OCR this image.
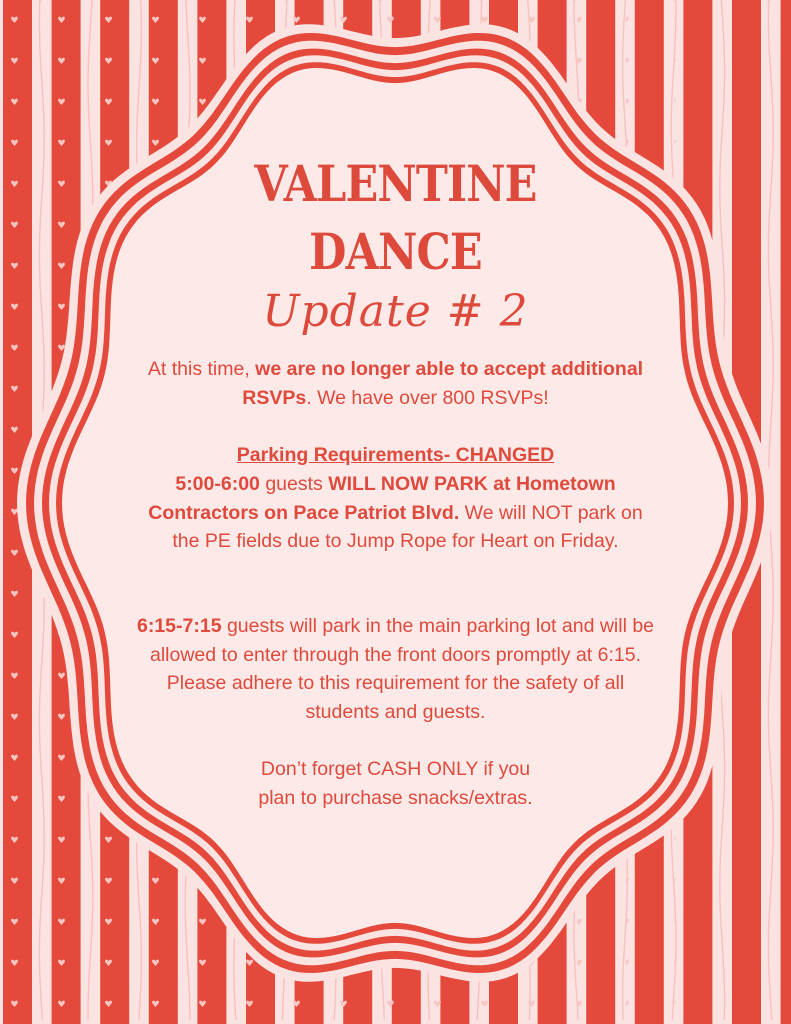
VALENTINE
DANCE
Update # 2
At this time, we are no longer able to accept additional RSVPs. We have over 800 RSVPs!
Parking Requirements- CHANGED
5:00-6:00 guests WILL NOW PARK at Hometown Contractors on Pace Patriot Blvd. We will NOT park on the PE fields due to Jump Rope for Heart on Friday.
6:15-7:15 guests will park in the main parking lot and will be allowed to enter through the front doors promptly at 6:15. Please adhere to this requirement for the safety of all students and guests.
Don’t forget CASH ONLY if you
plan to purchase snacks/extras.
